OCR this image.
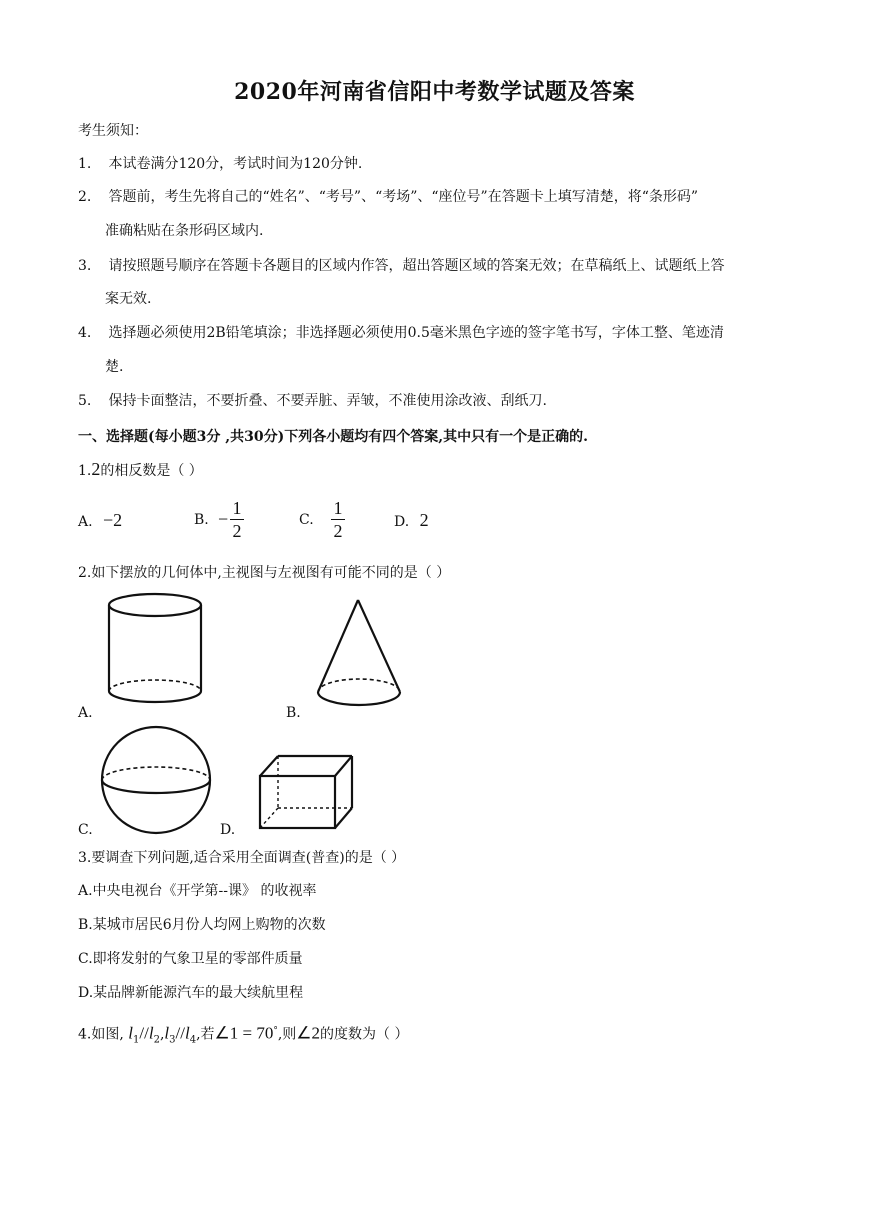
2020年河南省信阳中考数学试题及答案
考生须知：
1. 本试卷满分120分，考试时间为120分钟.
2. 答题前，考生先将自己的“姓名”、“考号”、“考场”、“座位号”在答题卡上填写清楚，将“条形码”
准确粘贴在条形码区域内.
3. 请按照题号顺序在答题卡各题目的区域内作答，超出答题区域的答案无效；在草稿纸上、试题纸上答
案无效.
4. 选择题必须使用2B铅笔填涂；非选择题必须使用0.5毫米黑色字迹的签字笔书写，字体工整、笔迹清
楚.
5. 保持卡面整洁，不要折叠、不要弄脏、弄皱，不准使用涂改液、刮纸刀.
一、选择题(每小题3分 ,共30分)下列各小题均有四个答案,其中只有一个是正确的.
1.2的相反数是（ ）
A. −2	B. −
1
2
C.
1
2	D. 2
2.如下摆放的几何体中,主视图与左视图有可能不同的是（ ）
A.	B.
C.	D.
3.要调查下列问题,适合采用全面调查(普查)的是（ ）
A.中央电视台《开学第--课》 的收视率
B.某城市居民6月份人均网上购物的次数
C.即将发射的气象卫星的零部件质量
D.某品牌新能源汽车的最大续航里程
4.如图, $l_1//l_2,l_3//l_4$,若∠1 = 70°,则∠2的度数为（ ）
